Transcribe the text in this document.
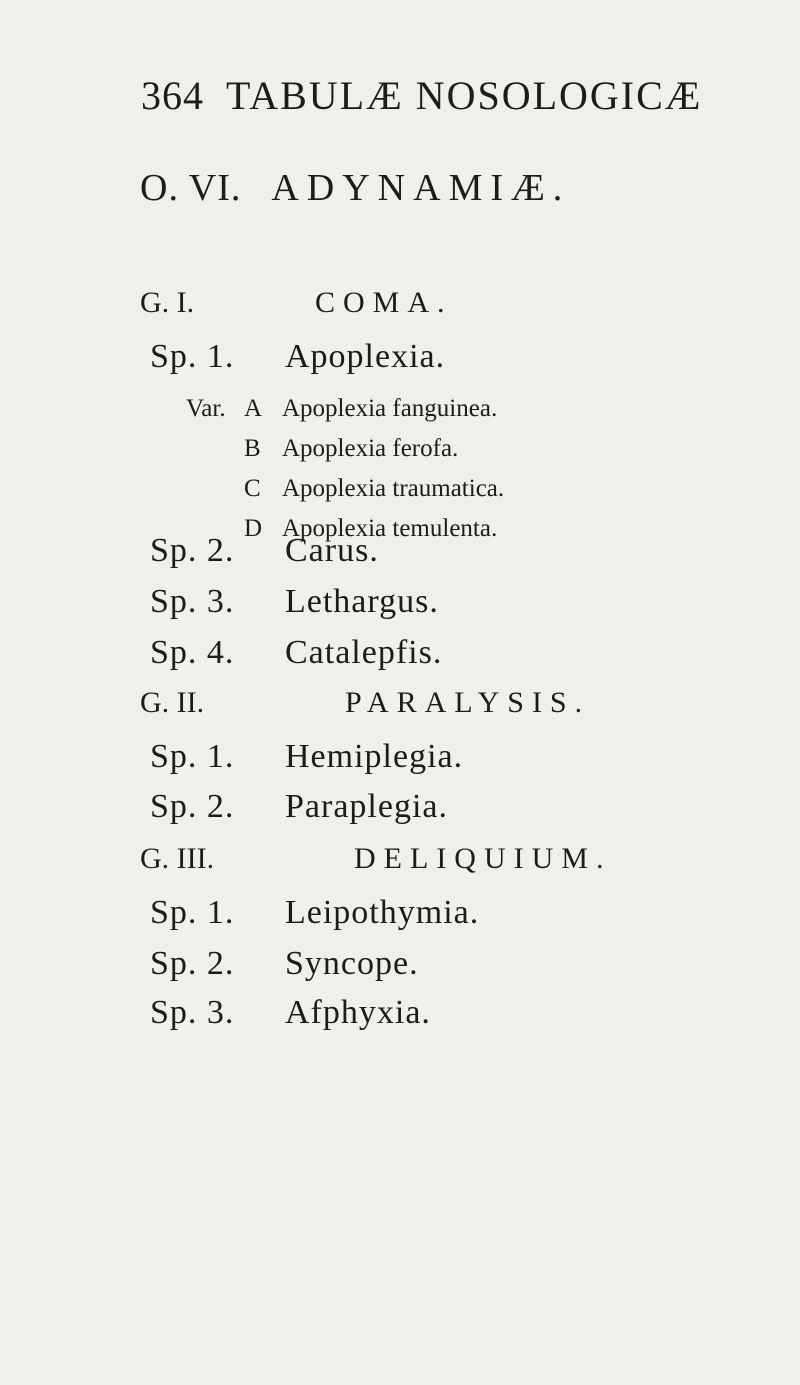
364 TABULÆ NOSOLOGICÆ
O. VI. ADYNAMIÆ.
G. I.	COMA.
Sp. 1. Apoplexia.
Var. A Apoplexia fanguinea.
B Apoplexia ferofa.
C Apoplexia traumatica.
D Apoplexia temulenta.
Sp. 2. Carus.
Sp. 3. Lethargus.
Sp. 4. Catalepfis.
G. II.	PARALYSIS.
Sp. 1. Hemiplegia.
Sp. 2. Paraplegia.
G. III.	DELIQUIUM.
Sp. 1. Leipothymia.
Sp. 2. Syncope.
Sp. 3. Afphyxia.
